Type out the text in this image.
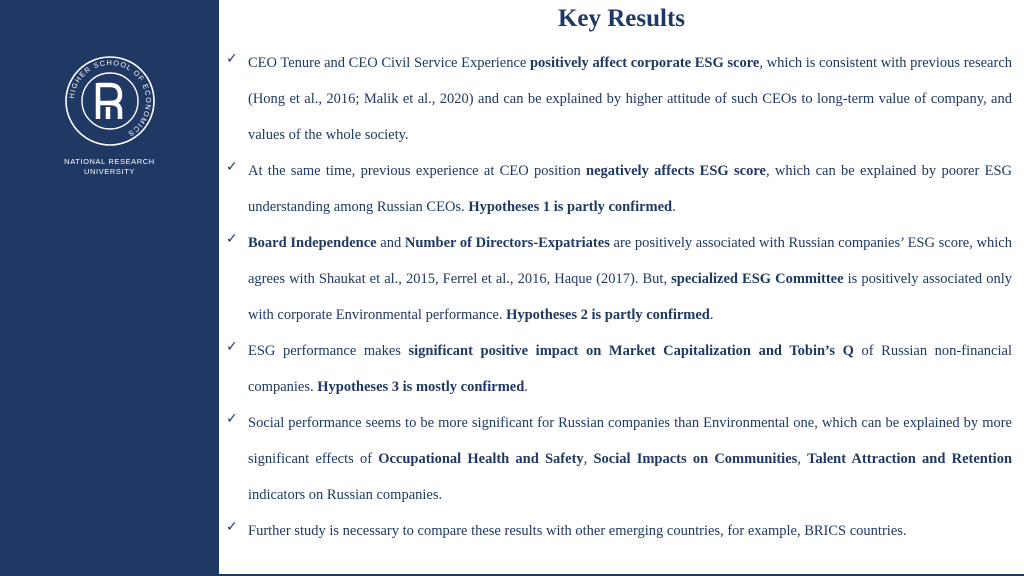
HIGHER SCHOOL OF ECONOMICS
NATIONAL RESEARCH
UNIVERSITY
Key Results
✓ CEO Tenure and CEO Civil Service Experience positively affect corporate ESG score, which is consistent with previous research (Hong et al., 2016; Malik et al., 2020) and can be explained by higher attitude of such CEOs to long-term value of company, and values of the whole society.
✓ At the same time, previous experience at CEO position negatively affects ESG score, which can be explained by poorer ESG understanding among Russian CEOs. Hypotheses 1 is partly confirmed.
✓ Board Independence and Number of Directors-Expatriates are positively associated with Russian companies’ ESG score, which agrees with Shaukat et al., 2015, Ferrel et al., 2016, Haque (2017). But, specialized ESG Committee is positively associated only with corporate Environmental performance. Hypotheses 2 is partly confirmed.
✓ ESG performance makes significant positive impact on Market Capitalization and Tobin’s Q of Russian non-financial companies. Hypotheses 3 is mostly confirmed.
✓ Social performance seems to be more significant for Russian companies than Environmental one, which can be explained by more significant effects of Occupational Health and Safety, Social Impacts on Communities, Talent Attraction and Retention indicators on Russian companies.
✓ Further study is necessary to compare these results with other emerging countries, for example, BRICS countries.
